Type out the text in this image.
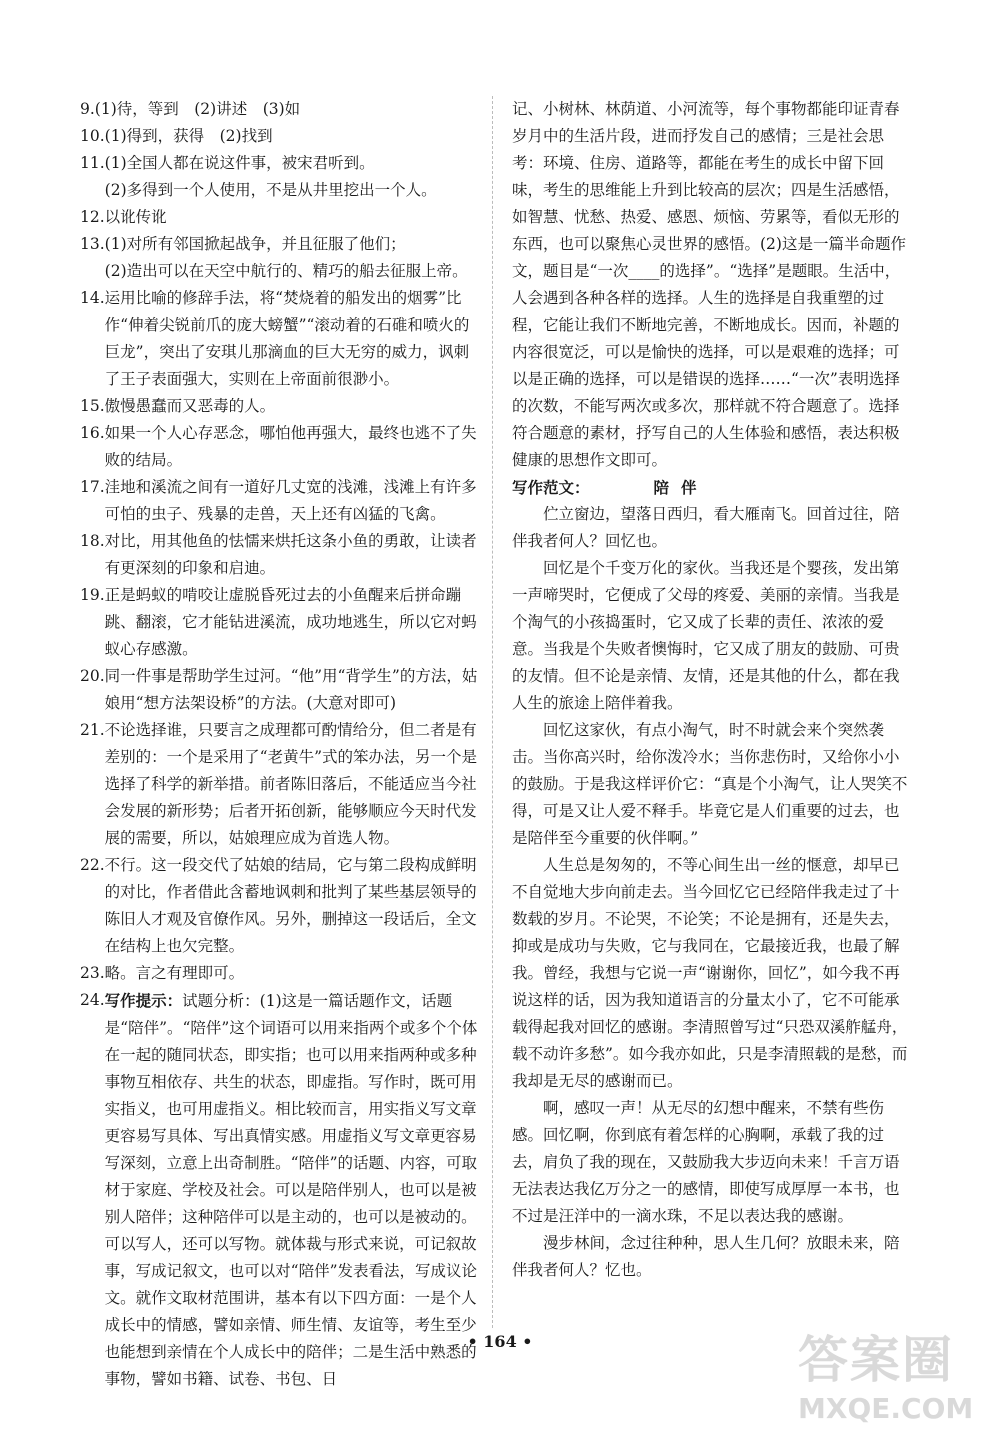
9. (1)待，等到　(2)讲述　(3)如

10. (1)得到，获得　(2)找到

11. (1)全国人都在说这件事，被宋君听到。

(2)多得到一个人使用，不是从井里挖出一个人。

12. 以讹传讹

13. (1)对所有邻国掀起战争，并且征服了他们；

(2)造出可以在天空中航行的、精巧的船去征服上帝。

14. 运用比喻的修辞手法，将“焚烧着的船发出的烟雾”比作“伸着尖锐前爪的庞大螃蟹”“滚动着的石碓和喷火的巨龙”，突出了安琪儿那滴血的巨大无穷的威力，讽刺了王子表面强大，实则在上帝面前很渺小。

15. 傲慢愚蠢而又恶毒的人。

16. 如果一个人心存恶念，哪怕他再强大，最终也逃不了失败的结局。

17. 洼地和溪流之间有一道好几丈宽的浅滩，浅滩上有许多可怕的虫子、残暴的走兽，天上还有凶猛的飞禽。

18. 对比，用其他鱼的怯懦来烘托这条小鱼的勇敢，让读者有更深刻的印象和启迪。

19. 正是蚂蚁的啃咬让虚脱昏死过去的小鱼醒来后拼命蹦跳、翻滚，它才能钻进溪流，成功地逃生，所以它对蚂蚁心存感激。

20. 同一件事是帮助学生过河。“他”用“背学生”的方法，姑娘用“想方法架设桥”的方法。(大意对即可)

21. 不论选择谁，只要言之成理都可酌情给分，但二者是有差别的：一个是采用了“老黄牛”式的笨办法，另一个是选择了科学的新举措。前者陈旧落后，不能适应当今社会发展的新形势；后者开拓创新，能够顺应今天时代发展的需要，所以，姑娘理应成为首选人物。

22. 不行。这一段交代了姑娘的结局，它与第二段构成鲜明的对比，作者借此含蓄地讽刺和批判了某些基层领导的陈旧人才观及官僚作风。另外，删掉这一段话后，全文在结构上也欠完整。

23. 略。言之有理即可。

24. 写作提示：试题分析：(1)这是一篇话题作文，话题是“陪伴”。“陪伴”这个词语可以用来指两个或多个个体在一起的随同状态，即实指；也可以用来指两种或多种事物互相依存、共生的状态，即虚指。写作时，既可用实指义，也可用虚指义。相比较而言，用实指义写文章更容易写具体、写出真情实感。用虚指义写文章更容易写深刻，立意上出奇制胜。“陪伴”的话题、内容，可取材于家庭、学校及社会。可以是陪伴别人，也可以是被别人陪伴；这种陪伴可以是主动的，也可以是被动的。可以写人，还可以写物。就体裁与形式来说，可记叙故事，写成记叙文，也可以对“陪伴”发表看法，写成议论文。就作文取材范围讲，基本有以下四方面：一是个人成长中的情感，譬如亲情、师生情、友谊等，考生至少也能想到亲情在个人成长中的陪伴；二是生活中熟悉的事物，譬如书籍、试卷、书包、日

记、小树林、林荫道、小河流等，每个事物都能印证青春岁月中的生活片段，进而抒发自己的感情；三是社会思考：环境、住房、道路等，都能在考生的成长中留下回味，考生的思维能上升到比较高的层次；四是生活感悟，如智慧、忧愁、热爱、感恩、烦恼、劳累等，看似无形的东西，也可以聚焦心灵世界的感悟。(2)这是一篇半命题作文，题目是“一次____的选择”。“选择”是题眼。生活中，人会遇到各种各样的选择。人生的选择是自我重塑的过程，它能让我们不断地完善，不断地成长。因而，补题的内容很宽泛，可以是愉快的选择，可以是艰难的选择；可以是正确的选择，可以是错误的选择……“一次”表明选择的次数，不能写两次或多次，那样就不符合题意了。选择符合题意的素材，抒写自己的人生体验和感悟，表达积极健康的思想作文即可。

写作范文：	陪伴

伫立窗边，望落日西归，看大雁南飞。回首过往，陪伴我者何人？回忆也。

回忆是个千变万化的家伙。当我还是个婴孩，发出第一声啼哭时，它便成了父母的疼爱、美丽的亲情。当我是个淘气的小孩捣蛋时，它又成了长辈的责任、浓浓的爱意。当我是个失败者懊悔时，它又成了朋友的鼓励、可贵的友情。但不论是亲情、友情，还是其他的什么，都在我人生的旅途上陪伴着我。

回忆这家伙，有点小淘气，时不时就会来个突然袭击。当你高兴时，给你泼冷水；当你悲伤时，又给你小小的鼓励。于是我这样评价它：“真是个小淘气，让人哭笑不得，可是又让人爱不释手。毕竟它是人们重要的过去，也是陪伴至今重要的伙伴啊。”

人生总是匆匆的，不等心间生出一丝的惬意，却早已不自觉地大步向前走去。当今回忆它已经陪伴我走过了十数载的岁月。不论哭，不论笑；不论是拥有，还是失去，抑或是成功与失败，它与我同在，它最接近我，也最了解我。曾经，我想与它说一声“谢谢你，回忆”，如今我不再说这样的话，因为我知道语言的分量太小了，它不可能承载得起我对回忆的感谢。李清照曾写过“只恐双溪舴艋舟，载不动许多愁”。如今我亦如此，只是李清照载的是愁，而我却是无尽的感谢而已。

啊，感叹一声！从无尽的幻想中醒来，不禁有些伤感。回忆啊，你到底有着怎样的心胸啊，承载了我的过去，肩负了我的现在，又鼓励我大步迈向未来！千言万语无法表达我亿万分之一的感情，即使写成厚厚一本书，也不过是汪洋中的一滴水珠，不足以表达我的感谢。

漫步林间，念过往种种，思人生几何？放眼未来，陪伴我者何人？忆也。

• 164 •	答案圈
MXQE.COM
